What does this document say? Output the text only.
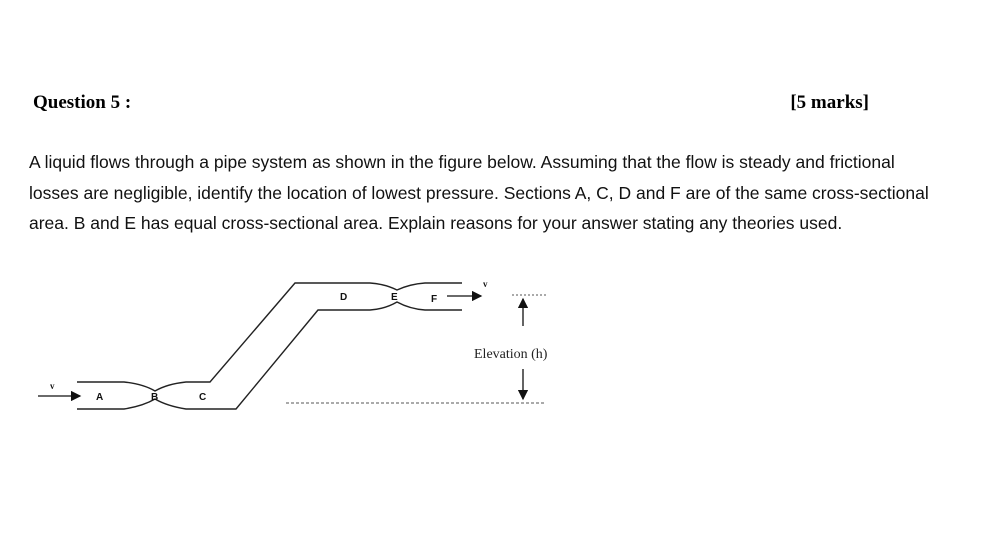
Question 5 :	[5 marks]
A liquid flows through a pipe system as shown in the figure below. Assuming that the flow is steady and frictional losses are negligible, identify the location of lowest pressure. Sections A, C, D and F are of the same cross-sectional area. B and E has equal cross-sectional area. Explain reasons for your answer stating any theories used.
v
A	B	C
D	E	F
v
Elevation (h)
